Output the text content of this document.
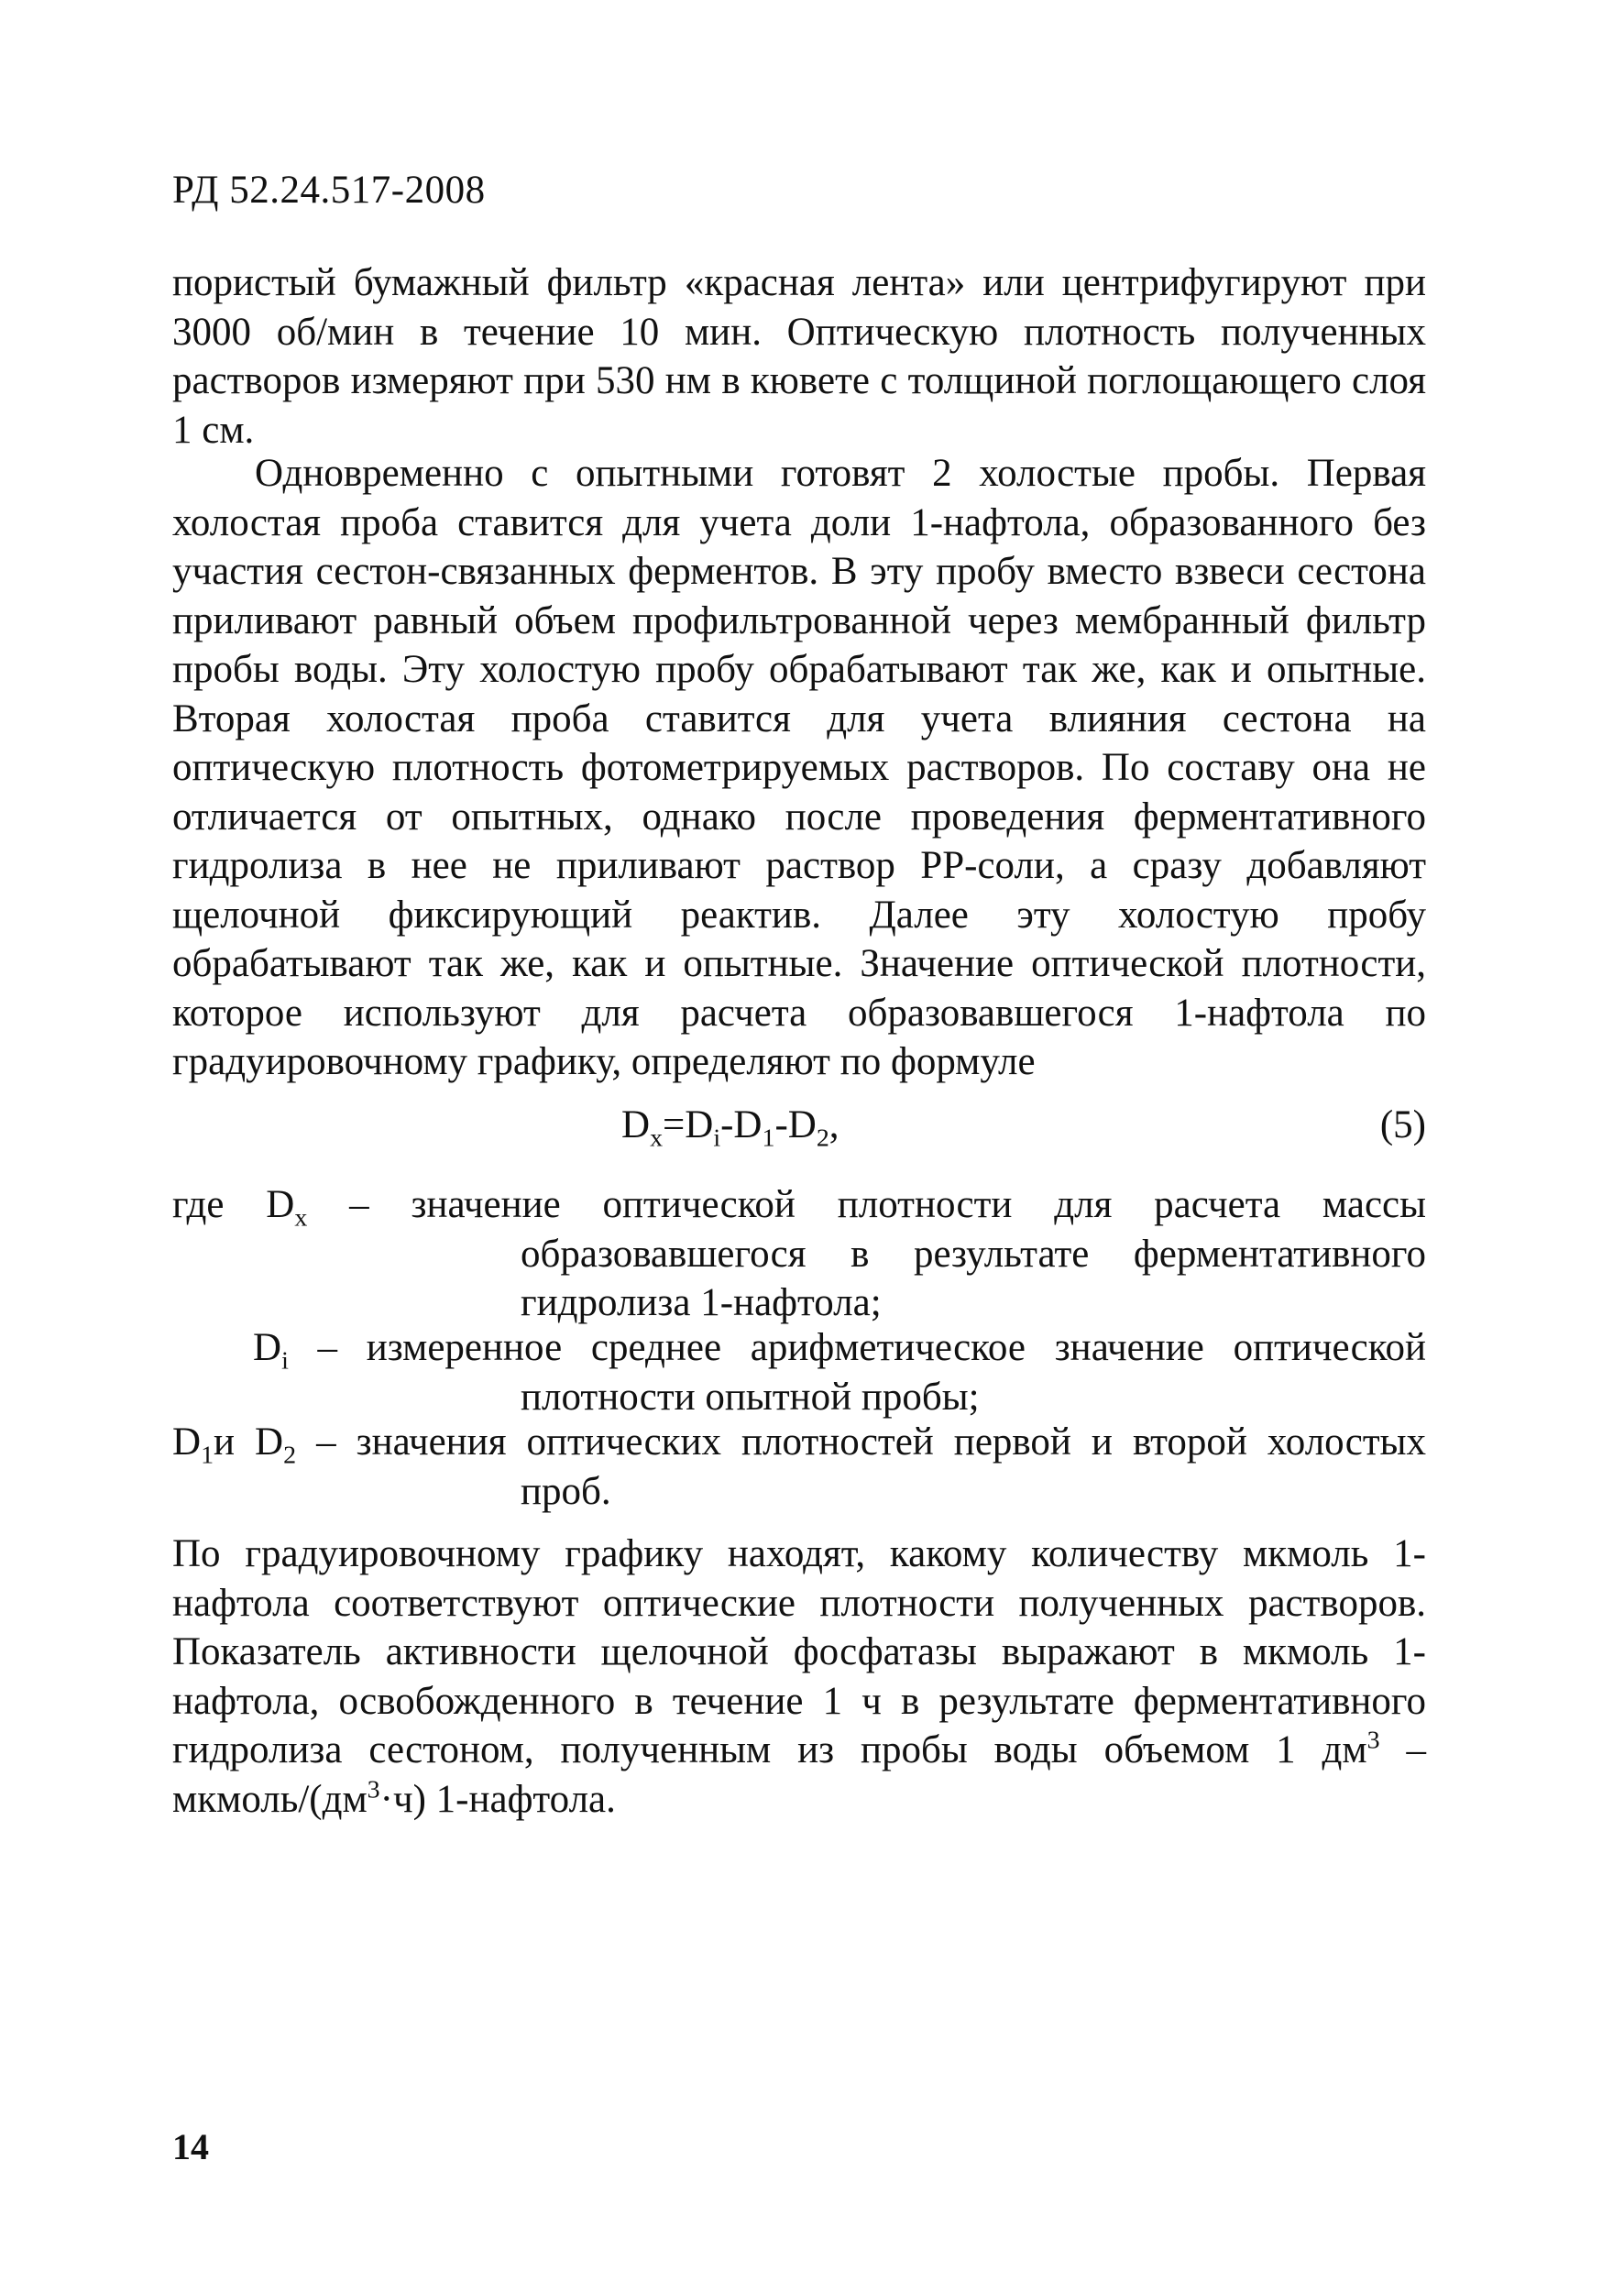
РД 52.24.517-2008
пористый бумажный фильтр «красная лента» или центрифугируют при 3000 об/мин в течение 10 мин. Оптическую плотность полученных растворов измеряют при 530 нм в кювете с толщиной поглощающего слоя 1 см.
Одновременно с опытными готовят 2 холостые пробы. Первая холостая проба ставится для учета доли 1-нафтола, образованного без участия сестон-связанных ферментов. В эту пробу вместо взвеси сестона приливают равный объем профильтрованной через мембранный фильтр пробы воды. Эту холостую пробу обрабатывают так же, как и опытные. Вторая холостая проба ставится для учета влияния сестона на оптическую плотность фотометрируемых растворов. По составу она не отличается от опытных, однако после проведения ферментативного гидролиза в нее не приливают раствор РР-соли, а сразу добавляют щелочной фиксирующий реактив. Далее эту холостую пробу обрабатывают так же, как и опытные. Значение оптической плотности, которое используют для расчета образовавшегося 1-нафтола по градуировочному графику, определяют по формуле
$D_x=D_i-D_1-D_2$,	(5)
где $D_x$ – значение оптической плотности для расчета массы образовавшегося в результате ферментативного гидролиза 1-нафтола;
$D_i$ – измеренное среднее арифметическое значение оптической плотности опытной пробы;
$D_1и$ $D_2$ – значения оптических плотностей первой и второй холостых проб.
По градуировочному графику находят, какому количеству мкмоль 1-нафтола соответствуют оптические плотности полученных растворов. Показатель активности щелочной фосфатазы выражают в мкмоль 1-нафтола, освобожденного в течение 1 ч в результате ферментативного гидролиза сестоном, полученным из пробы воды объемом 1 $дм^3$ – мкмоль/$(дм^3\cdot ч)$ 1-нафтола.
14
